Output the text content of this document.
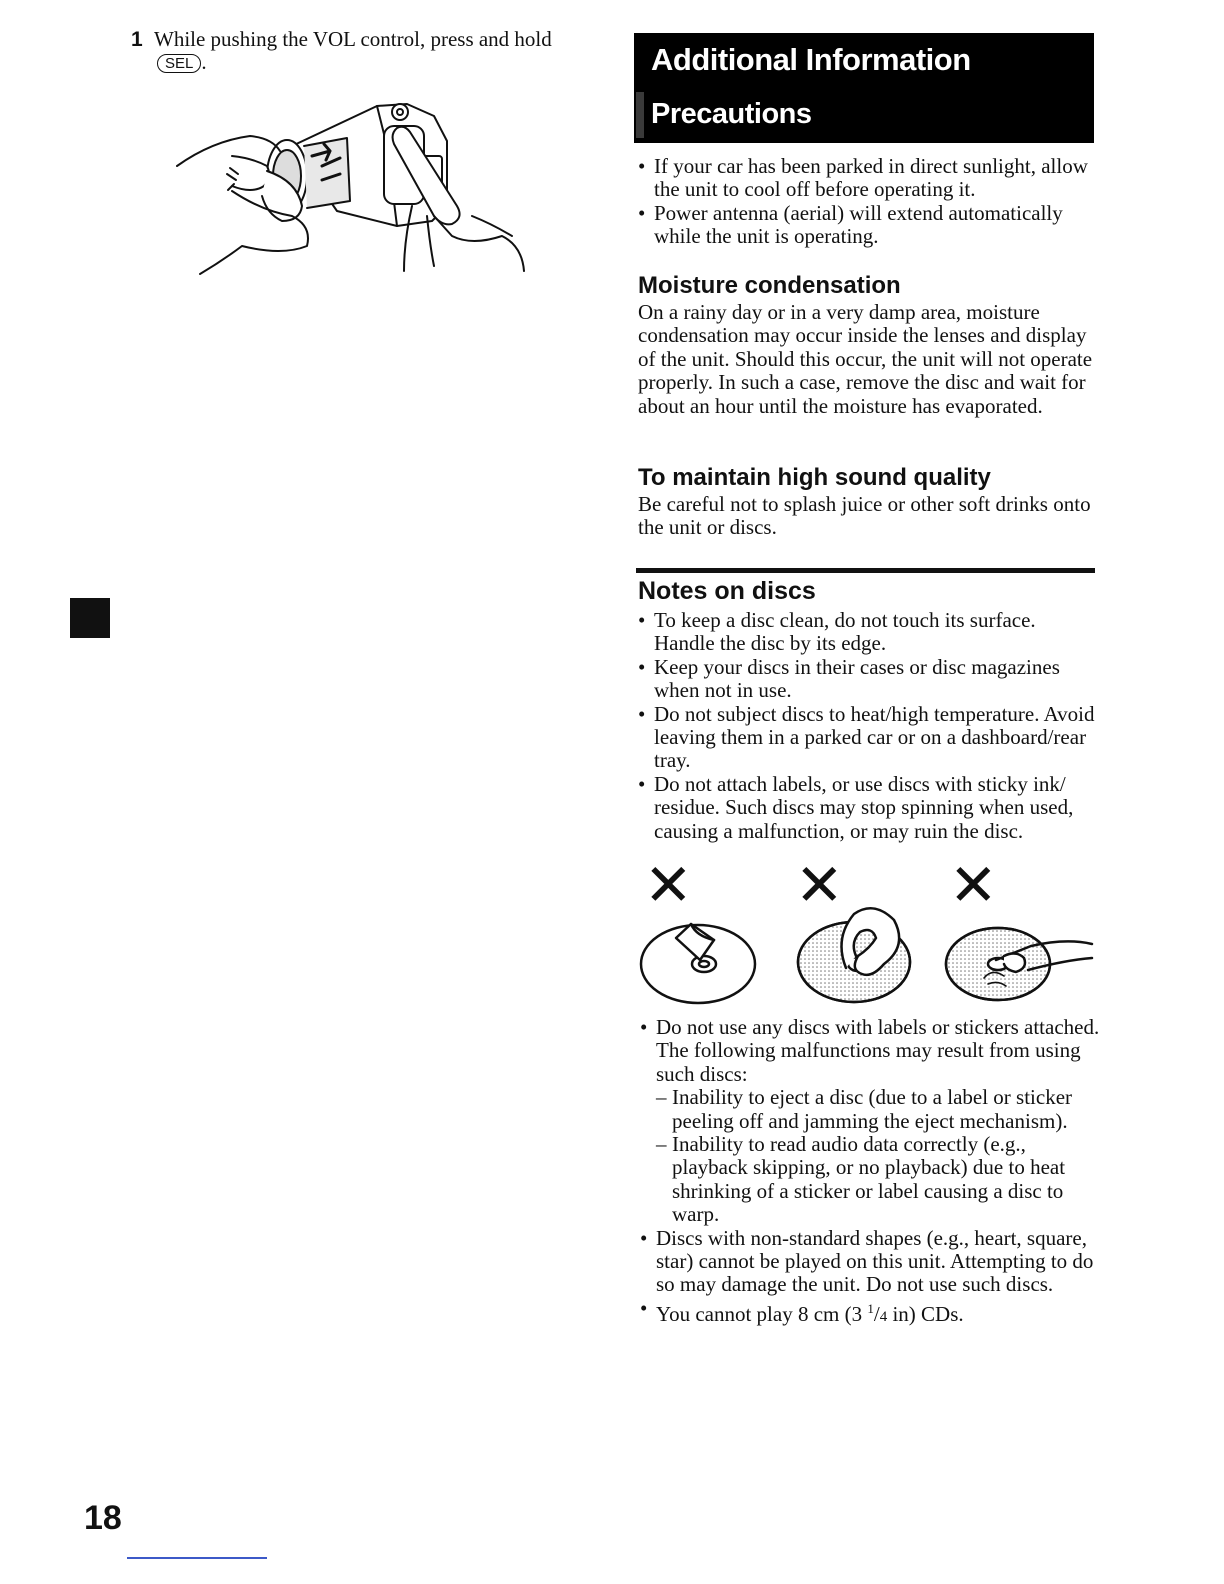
1 While pushing the VOL control, press and hold SEL .
18
Additional Information
Precautions
• If your car has been parked in direct sunlight, allow the unit to cool off before operating it.
• Power antenna (aerial) will extend automatically while the unit is operating.
Moisture condensation
On a rainy day or in a very damp area, moisture condensation may occur inside the lenses and display of the unit. Should this occur, the unit will not operate properly. In such a case, remove the disc and wait for about an hour until the moisture has evaporated.
To maintain high sound quality
Be careful not to splash juice or other soft drinks onto the unit or discs.
Notes on discs
• To keep a disc clean, do not touch its surface. Handle the disc by its edge.
• Keep your discs in their cases or disc magazines when not in use.
• Do not subject discs to heat/high temperature. Avoid leaving them in a parked car or on a dashboard/rear tray.
• Do not attach labels, or use discs with sticky ink/ residue. Such discs may stop spinning when used, causing a malfunction, or may ruin the disc.
✕ ✕ ✕
• Do not use any discs with labels or stickers attached.
The following malfunctions may result from using such discs:
– Inability to eject a disc (due to a label or sticker peeling off and jamming the eject mechanism).
– Inability to read audio data correctly (e.g., playback skipping, or no playback) due to heat shrinking of a sticker or label causing a disc to warp.
• Discs with non-standard shapes (e.g., heart, square, star) cannot be played on this unit. Attempting to do so may damage the unit. Do not use such discs.
• You cannot play 8 cm (3 $^1$/4 in) CDs.
